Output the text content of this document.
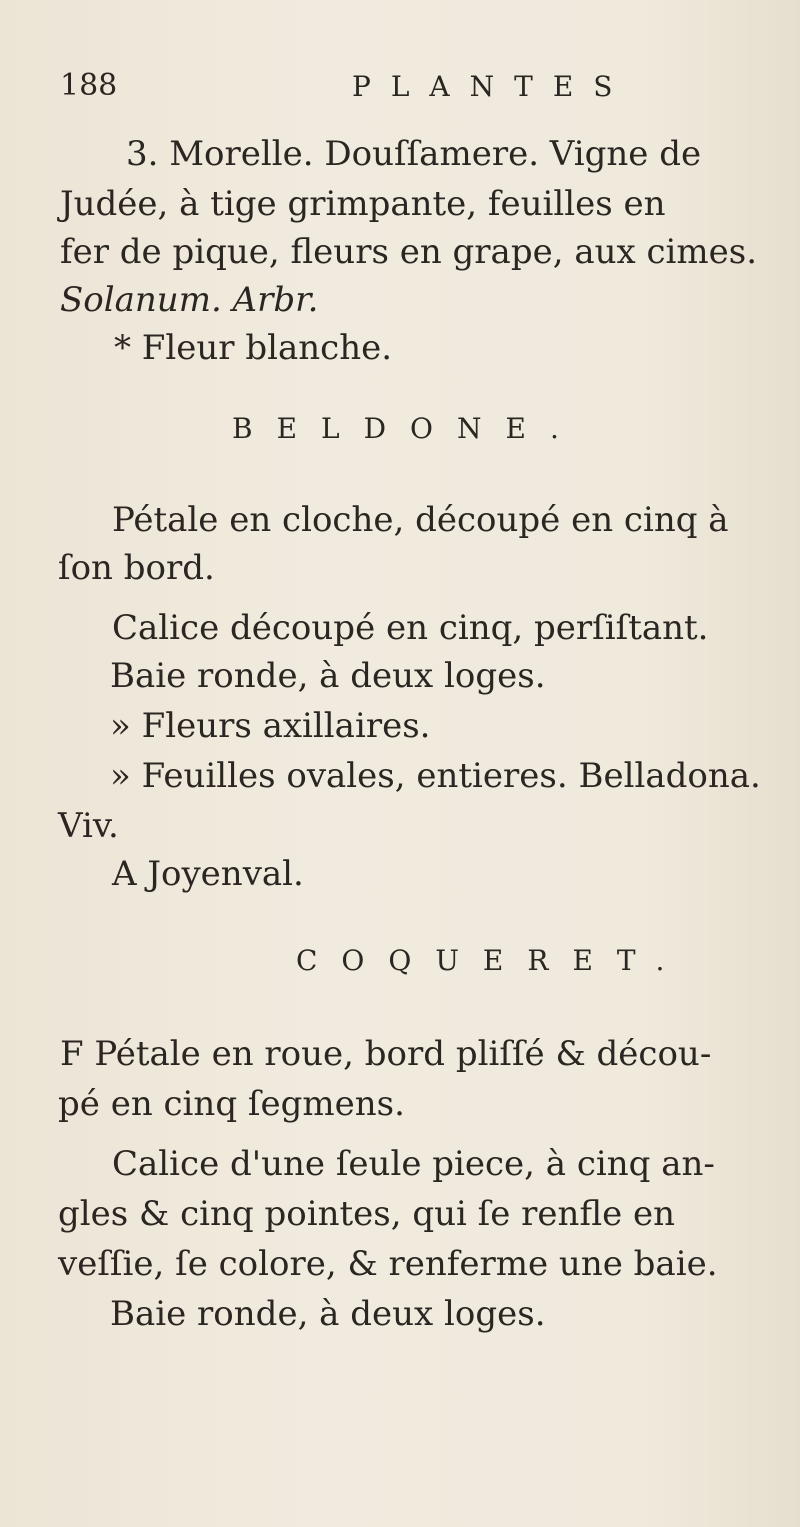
188	PLANTES
3. Morelle. Douſſamere. Vigne de
Judée, à tige grimpante, feuilles en
fer de pique, fleurs en grape, aux cimes.
Solanum. Arbr.
* Fleur blanche.
BELDONE.
Pétale en cloche, découpé en cinq à
ſon bord.
Calice découpé en cinq, perſiſtant.
Baie ronde, à deux loges.
» Fleurs axillaires.
» Feuilles ovales, entieres. Belladona.
Viv.
A Joyenval.
COQUERET.
F Pétale en roue, bord pliſſé & décou-
pé en cinq ſegmens.
Calice d'une ſeule piece, à cinq an-
gles & cinq pointes, qui ſe renfle en
veſſie, ſe colore, & renferme une baie.
Baie ronde, à deux loges.
